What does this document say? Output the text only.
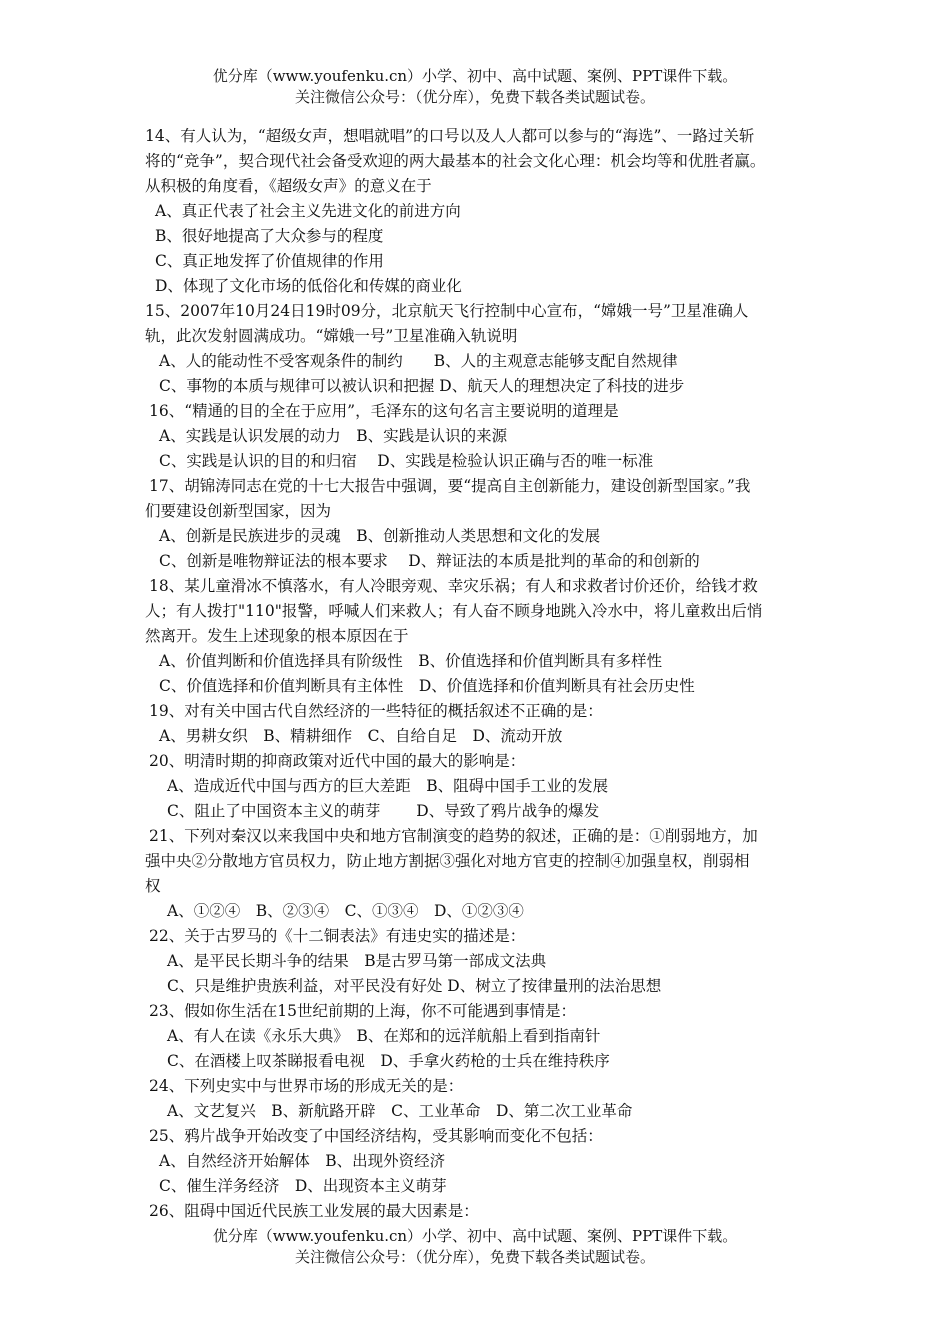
优分库（www.youfenku.cn）小学、初中、高中试题、案例、PPT课件下载。
关注微信公众号：（优分库），免费下载各类试题试卷。
14、有人认为，“超级女声，想唱就唱”的口号以及人人都可以参与的“海选”、一路过关斩
将的“竞争”，契合现代社会备受欢迎的两大最基本的社会文化心理：机会均等和优胜者赢。
从积极的角度看，《超级女声》的意义在于
A、真正代表了社会主义先进文化的前进方向
B、很好地提高了大众参与的程度
C、真正地发挥了价值规律的作用
D、体现了文化市场的低俗化和传媒的商业化
15、2007年10月24日19时09分，北京航天飞行控制中心宣布，“嫦娥一号”卫星准确人
轨，此次发射圆满成功。“嫦娥一号”卫星准确入轨说明
A、人的能动性不受客观条件的制约　　B、人的主观意志能够支配自然规律
C、事物的本质与规律可以被认识和把握 D、航天人的理想决定了科技的进步
16、“精通的目的全在于应用”，毛泽东的这句名言主要说明的道理是
A、实践是认识发展的动力　B、实践是认识的来源
C、实践是认识的目的和归宿　 D、实践是检验认识正确与否的唯一标准
17、胡锦涛同志在党的十七大报告中强调，要“提高自主创新能力，建设创新型国家。”我
们要建设创新型国家，因为
A、创新是民族进步的灵魂　B、创新推动人类思想和文化的发展
C、创新是唯物辩证法的根本要求　 D、辩证法的本质是批判的革命的和创新的
18、某儿童滑冰不慎落水，有人冷眼旁观、幸灾乐祸；有人和求救者讨价还价，给钱才救
人；有人拨打"110"报警，呼喊人们来救人；有人奋不顾身地跳入冷水中，将儿童救出后悄
然离开。发生上述现象的根本原因在于
A、价值判断和价值选择具有阶级性　B、价值选择和价值判断具有多样性
C、价值选择和价值判断具有主体性　D、价值选择和价值判断具有社会历史性
19、对有关中国古代自然经济的一些特征的概括叙述不正确的是：
A、男耕女织　B、精耕细作　C、自给自足　D、流动开放
20、明清时期的抑商政策对近代中国的最大的影响是：
A、造成近代中国与西方的巨大差距　B、阻碍中国手工业的发展
C、阻止了中国资本主义的萌芽　　 D、导致了鸦片战争的爆发
21、下列对秦汉以来我国中央和地方官制演变的趋势的叙述，正确的是：①削弱地方，加
强中央②分散地方官员权力，防止地方割据③强化对地方官吏的控制④加强皇权，削弱相
权
A、①②④　B、②③④　C、①③④　D、①②③④
22、关于古罗马的《十二铜表法》有违史实的描述是：
A、是平民长期斗争的结果　B是古罗马第一部成文法典
C、只是维护贵族利益，对平民没有好处 D、树立了按律量刑的法治思想
23、假如你生活在15世纪前期的上海，你不可能遇到事情是：
A、有人在读《永乐大典》　B、在郑和的远洋航船上看到指南针
C、在酒楼上叹茶睇报看电视　D、手拿火药枪的士兵在维持秩序
24、下列史实中与世界市场的形成无关的是：
A、文艺复兴　B、新航路开辟　C、工业革命　D、第二次工业革命
25、鸦片战争开始改变了中国经济结构，受其影响而变化不包括：
A、自然经济开始解体　B、出现外资经济
C、催生洋务经济　D、出现资本主义萌芽
26、阻碍中国近代民族工业发展的最大因素是：
优分库（www.youfenku.cn）小学、初中、高中试题、案例、PPT课件下载。
关注微信公众号：（优分库），免费下载各类试题试卷。
